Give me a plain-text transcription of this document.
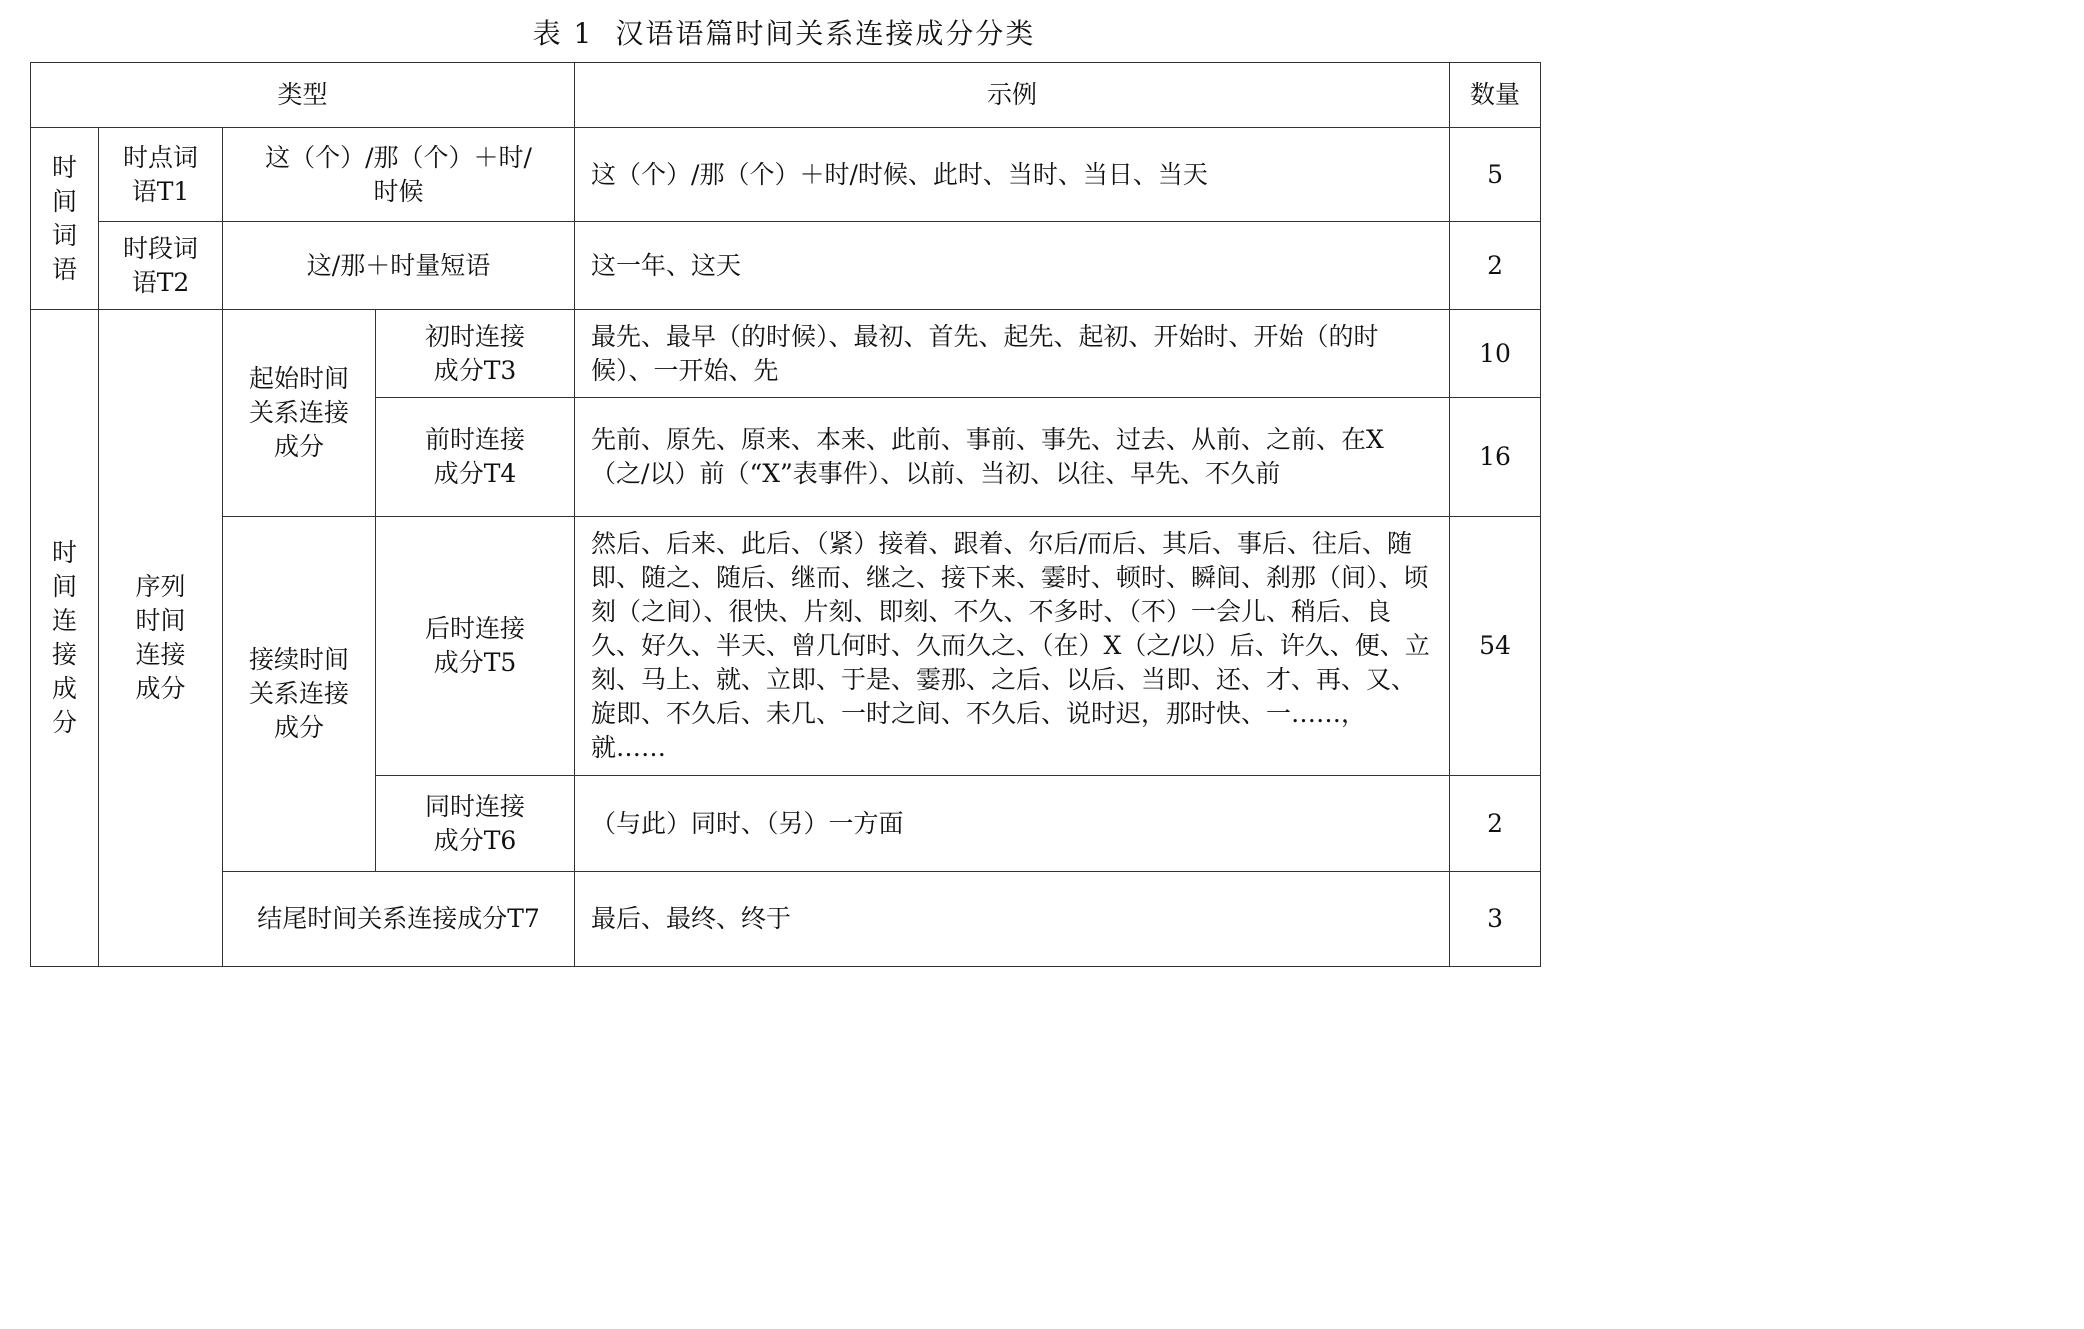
表 1 汉语语篇时间关系连接成分分类
类型				示例	数量

时间词语	时点词语T1	这（个）/那（个）＋时/时候		这（个）/那（个）＋时/时候、此时、当时、当日、当天	5
	时段词语T2	这/那＋时量短语		这一年、这天	2

时间连接成分	序列时间连接成分	起始时间关系连接成分	初时连接成分T3	最先、最早（的时候）、最初、首先、起先、起初、开始时、开始（的时候）、一开始、先	10
			前时连接成分T4	先前、原先、原来、本来、此前、事前、事先、过去、从前、之前、在X（之/以）前（“X”表事件）、以前、当初、以往、早先、不久前	16
		接续时间关系连接成分	后时连接成分T5	然后、后来、此后、（紧）接着、跟着、尔后/而后、其后、事后、往后、随即、随之、随后、继而、继之、接下来、霎时、顿时、瞬间、刹那（间）、顷刻（之间）、很快、片刻、即刻、不久、不多时、（不）一会儿、稍后、良久、好久、半天、曾几何时、久而久之、（在）X（之/以）后、许久、便、立刻、马上、就、立即、于是、霎那、之后、以后、当即、还、才、再、又、旋即、不久后、未几、一时之间、不久后、说时迟，那时快、一……，就……	54
			同时连接成分T6	（与此）同时、（另）一方面	2
		结尾时间关系连接成分T7		最后、最终、终于	3
